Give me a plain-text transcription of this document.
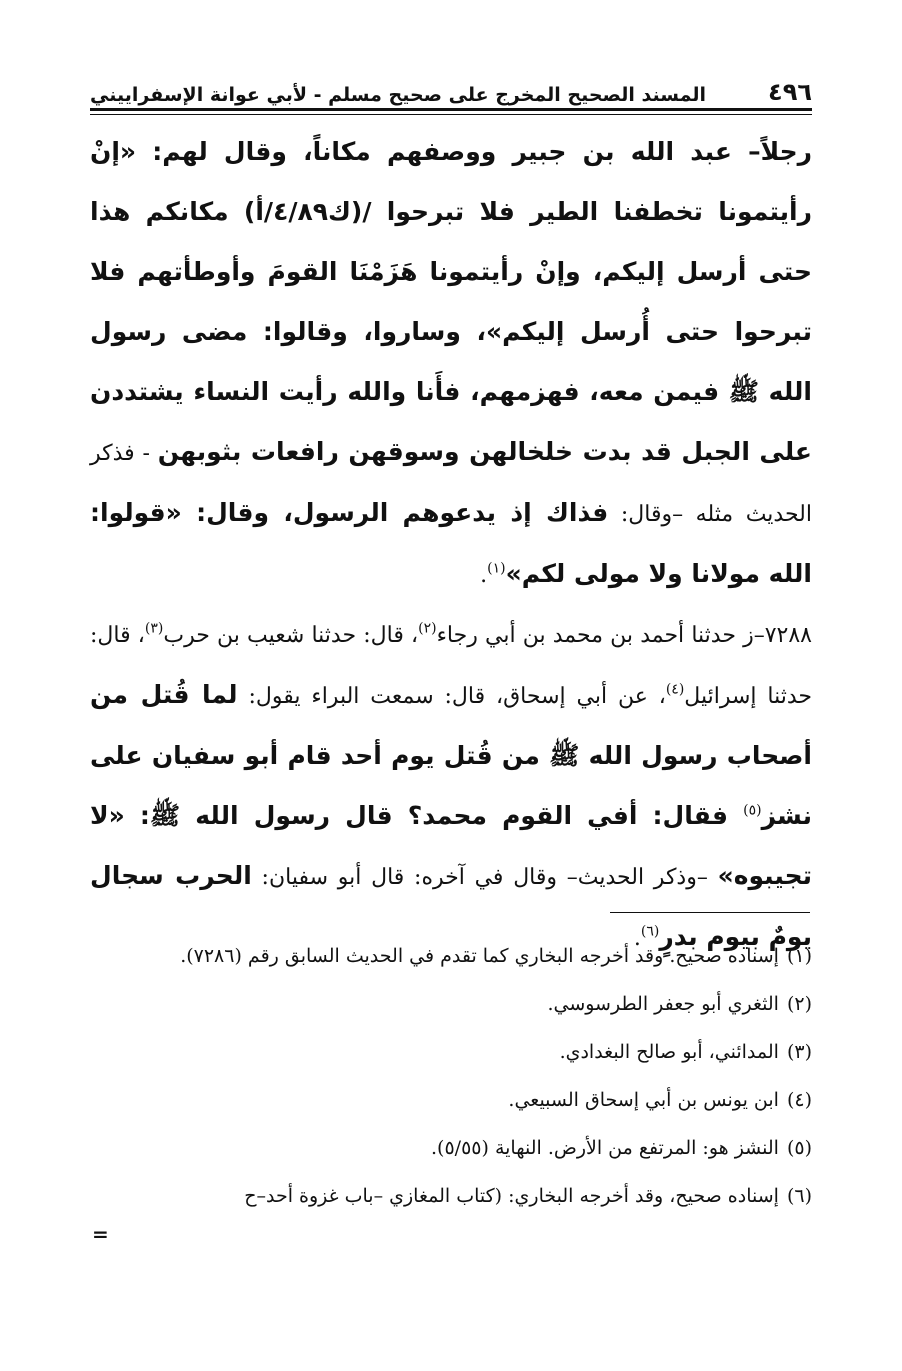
٤٩٦
المسند الصحيح المخرج على صحيح مسلم - لأبي عوانة الإسفراييني

رجلاً– عبد الله بن جبير ووصفهم مكاناً، وقال لهم: «إنْ رأيتمونا تخطفنا الطير فلا تبرحوا /(ك٤/٨٩/أ) مكانكم هذا حتى أرسل إليكم، وإنْ رأيتمونا هَزَمْنَا القومَ وأوطأتهم فلا تبرحوا حتى أُرسل إليكم»، وساروا، وقالوا: مضى رسول الله ﷺ فيمن معه، فهزمهم، فأَنا والله رأيت النساء يشتددن على الجبل قد بدت خلخالهن وسوقهن رافعات بثوبهن - فذكر الحديث مثله –وقال: فذاك إذ يدعوهم الرسول، وقال: «قولوا: الله مولانا ولا مولى لكم»$^{(١)}$.

٧٢٨٨–ز حدثنا أحمد بن محمد بن أبي رجاء$^{(٢)}$، قال: حدثنا شعيب بن حرب$^{(٣)}$، قال: حدثنا إسرائيل$^{(٤)}$، عن أبي إسحاق، قال: سمعت البراء يقول: لما قُتل من أصحاب رسول الله ﷺ من قُتل يوم أحد قام أبو سفيان على نشز$^{(٥)}$ فقال: أفي القوم محمد؟ قال رسول الله ﷺ: «لا تجيبوه» –وذكر الحديث– وقال في آخره: قال أبو سفيان: الحرب سجال يومٌ بيوم بدرٍ$^{(٦)}$.

(١)إسناده صحيح. وقد أخرجه البخاري كما تقدم في الحديث السابق رقم (٧٢٨٦).

(٢)الثغري أبو جعفر الطرسوسي.

(٣)المدائني، أبو صالح البغدادي.

(٤)ابن يونس بن أبي إسحاق السبيعي.

(٥)النشز هو: المرتفع من الأرض. النهاية (٥/٥٥).

(٦)إسناده صحيح، وقد أخرجه البخاري: (كتاب المغازي –باب غزوة أحد–ح

=
